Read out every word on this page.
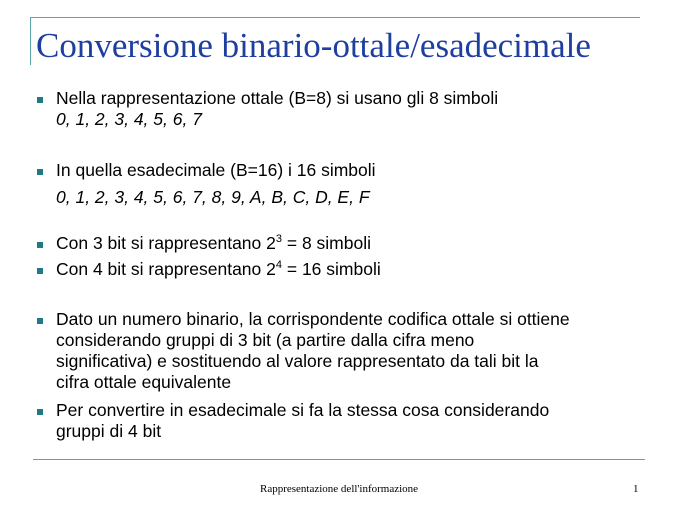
Conversione binario-ottale/esadecimale

Nella rappresentazione ottale (B=8) si usano gli 8 simboli

0, 1, 2, 3, 4, 5, 6, 7

In quella esadecimale (B=16) i 16 simboli

0, 1, 2, 3, 4, 5, 6, 7, 8, 9, A, B, C, D, E, F

Con 3 bit si rappresentano $2^3 = 8$ simboli

Con 4 bit si rappresentano $2^4 = 16$ simboli

Dato un numero binario, la corrispondente codifica ottale si ottiene
considerando gruppi di 3 bit (a partire dalla cifra meno
significativa) e sostituendo al valore rappresentato da tali bit la
cifra ottale equivalente

Per convertire in esadecimale si fa la stessa cosa considerando
gruppi di 4 bit

Rappresentazione dell'informazione	1
